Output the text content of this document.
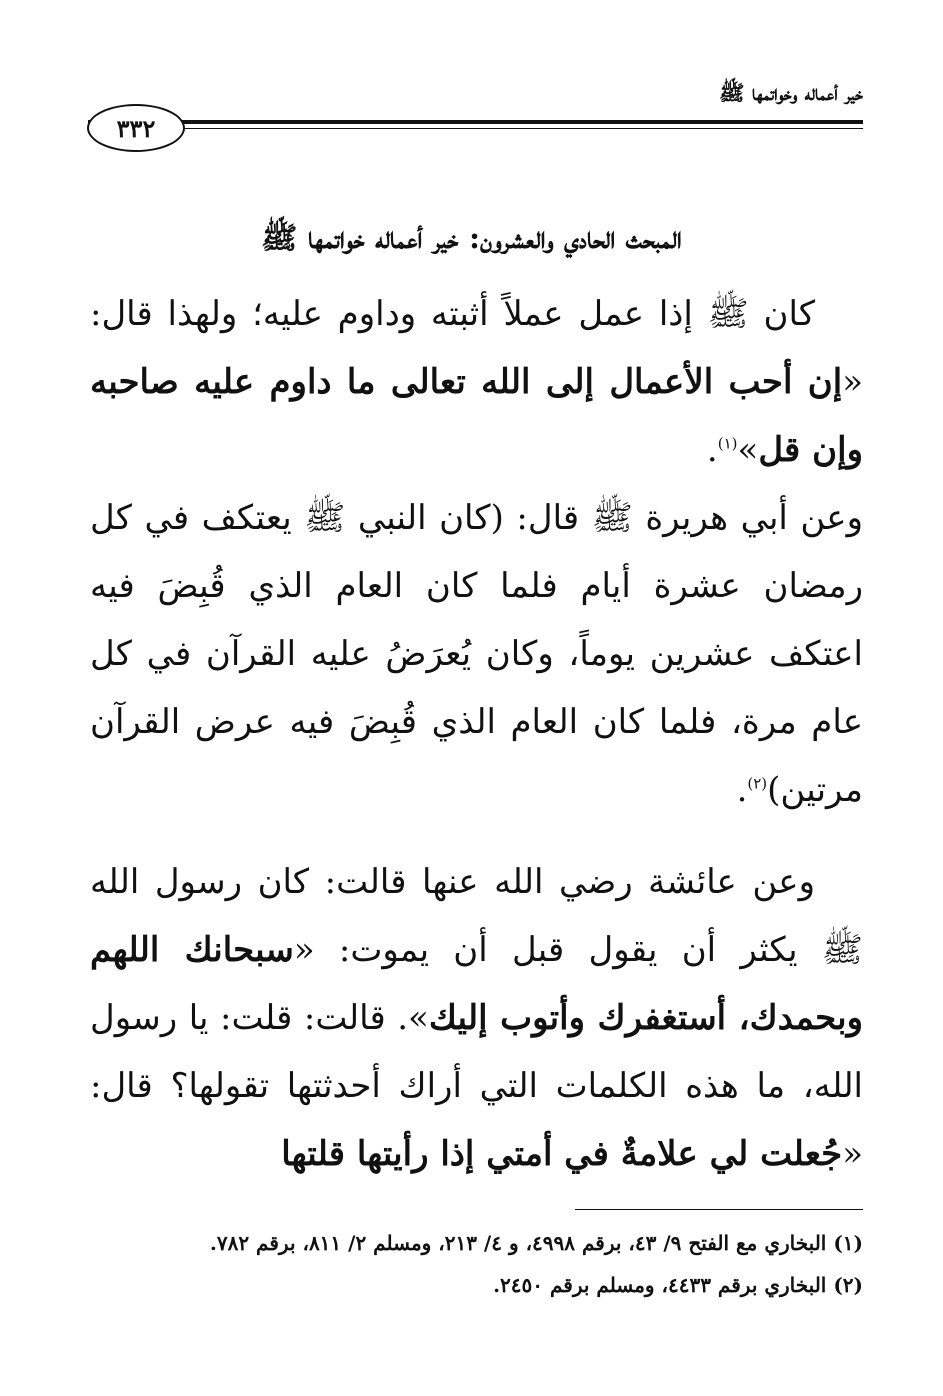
خير أعماله وخواتمها ﷺ
٣٣٢
المبحث الحادي والعشرون: خير أعماله خواتمها ﷺ

كان ﷺ إذا عمل عملاً أثبته وداوم عليه؛ ولهذا قال: «إن أحب الأعمال إلى الله تعالى ما داوم عليه صاحبه وإن قل»$^{(١)}$.

وعن أبي هريرة ﷺ قال: (كان النبي ﷺ يعتكف في كل رمضان عشرة أيام فلما كان العام الذي قُبِضَ فيه اعتكف عشرين يوماً، وكان يُعرَضُ عليه القرآن في كل عام مرة، فلما كان العام الذي قُبِضَ فيه عرض القرآن مرتين)$^{(٢)}$.

وعن عائشة رضي الله عنها قالت: كان رسول الله ﷺ يكثر أن يقول قبل أن يموت: «سبحانك اللهم وبحمدك، أستغفرك وأتوب إليك». قالت: قلت: يا رسول الله، ما هذه الكلمات التي أراك أحدثتها تقولها؟ قال: «جُعلت لي علامةٌ في أمتي إذا رأيتها قلتها

(١) البخاري مع الفتح ٩/ ٤٣، برقم ٤٩٩٨، و ٤/ ٢١٣، ومسلم ٢/ ٨١١، برقم ٧٨٢.

(٢) البخاري برقم ٤٤٣٣، ومسلم برقم ٢٤٥٠.
